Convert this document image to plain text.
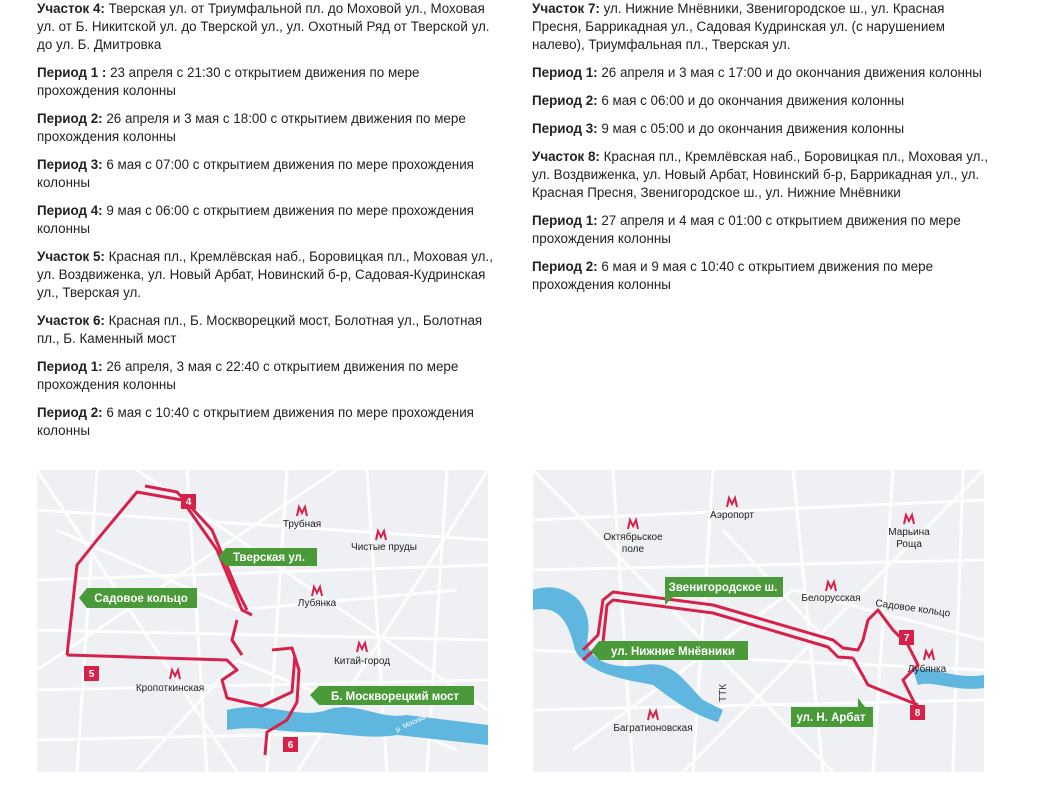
Участок 4: Тверская ул. от Триумфальной пл. до Моховой ул., Моховая ул. от Б. Никитской ул. до Тверской ул., ул. Охотный Ряд от Тверской ул. до ул. Б. Дмитровка
Период 1 : 23 апреля с 21:30 с открытием движения по мере прохождения колонны
Период 2: 26 апреля и 3 мая с 18:00 с открытием движения по мере прохождения колонны
Период 3: 6 мая с 07:00 с открытием движения по мере прохождения колонны
Период 4: 9 мая с 06:00 с открытием движения по мере прохождения колонны
Участок 5: Красная пл., Кремлёвская наб., Боровицкая пл., Моховая ул., ул. Воздвиженка, ул. Новый Арбат, Новинский б-р, Садовая-Кудринская ул., Тверская ул.
Участок 6: Красная пл., Б. Москворецкий мост, Болотная ул., Болотная пл., Б. Каменный мост
Период 1: 26 апреля, 3 мая с 22:40 с открытием движения по мере прохождения колонны
Период 2: 6 мая с 10:40 с открытием движения по мере прохождения колонны
Участок 7: ул. Нижние Мнёвники, Звенигородское ш., ул. Красная Пресня, Баррикадная ул., Садовая Кудринская ул. (с нарушением налево), Триумфальная пл., Тверская ул.
Период 1: 26 апреля и 3 мая с 17:00 и до окончания движения колонны
Период 2: 6 мая с 06:00 и до окончания движения колонны
Период 3: 9 мая с 05:00 и до окончания движения колонны
Участок 8: Красная пл., Кремлёвская наб., Боровицкая пл., Моховая ул., ул. Воздвиженка, ул. Новый Арбат, Новинский б-р, Баррикадная ул., ул. Красная Пресня, Звенигородское ш., ул. Нижние Мнёвники
Период 1: 27 апреля и 4 мая с 01:00 с открытием движения по мере прохождения колонны
Период 2: 6 мая и 9 мая с 10:40 с открытием движения по мере прохождения колонны
р. Москва
4
5
6
Тверская ул.
Садовое кольцо
Б. Москворецкий мост
Трубная
Чистые пруды
Лубянка
Китай-город
Кропоткинская
7
8
Звенигородское ш.
ул. Нижние Мнёвники
ул. Н. Арбат
Аэропорт
Октябрьское
поле
Марьина
Роща
Белорусская Садовое кольцо
Лубянка
Багратионовская
ТТК
